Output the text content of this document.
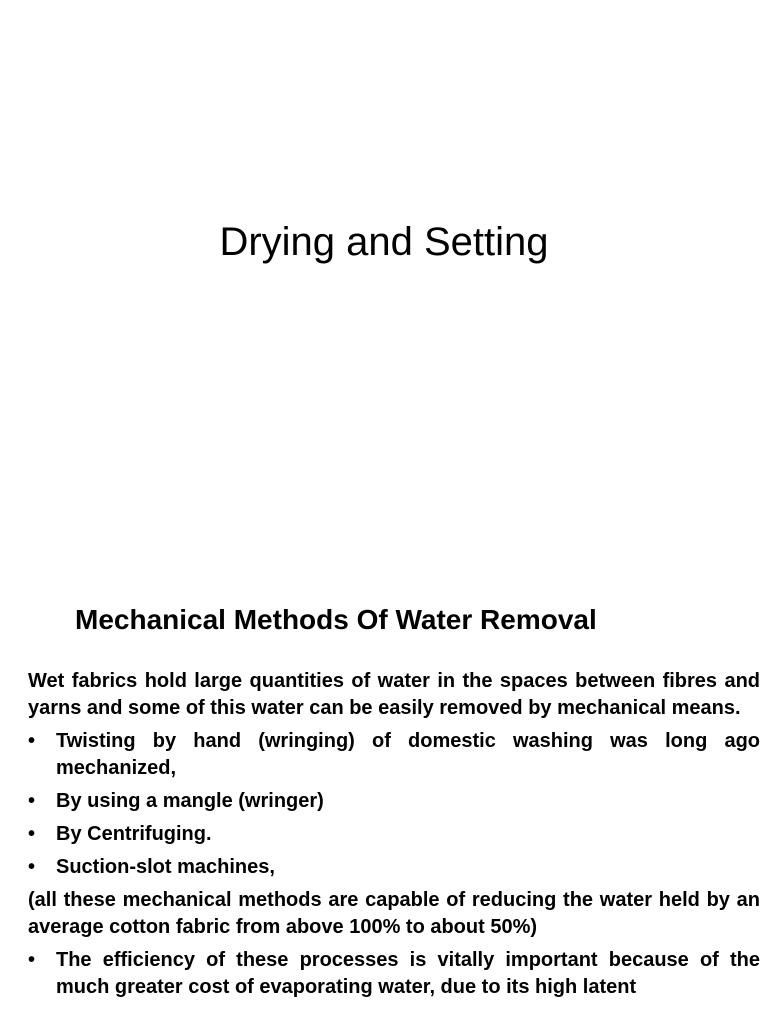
Drying and Setting
Mechanical Methods Of Water Removal

Wet fabrics hold large quantities of water in the spaces between fibres and yarns and some of this water can be easily removed by mechanical means.

•	Twisting by hand (wringing) of domestic washing was long ago mechanized,
•	By using a mangle (wringer)
•	By Centrifuging.
•	Suction-slot machines,

(all these mechanical methods are capable of reducing the water held by an average cotton fabric from above 100% to about 50%)

•	The efficiency of these processes is vitally important because of the much greater cost of evaporating water, due to its high latent
